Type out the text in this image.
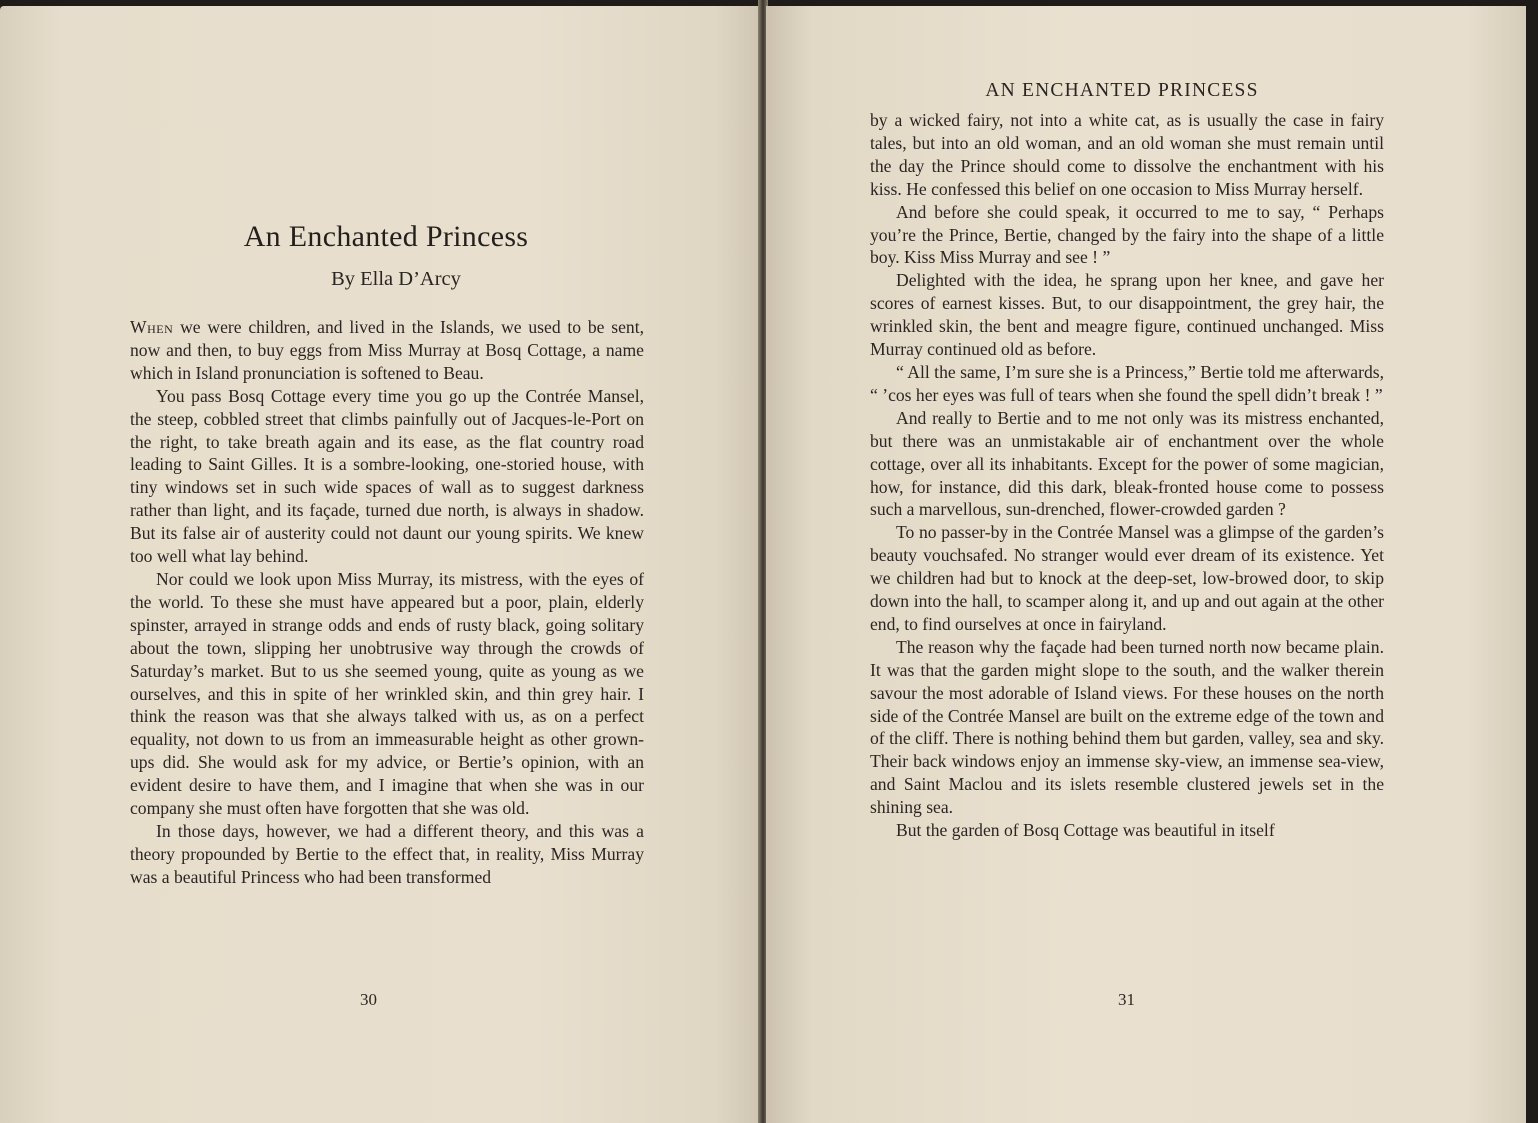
An Enchanted Princess
By Ella D’Arcy

When we were children, and lived in the Islands, we used to be sent, now and then, to buy eggs from Miss Murray at Bosq Cottage, a name which in Island pronunciation is softened to Beau.

You pass Bosq Cottage every time you go up the Contrée Mansel, the steep, cobbled street that climbs painfully out of Jacques-le-Port on the right, to take breath again and its ease, as the flat country road leading to Saint Gilles. It is a sombre-looking, one-storied house, with tiny windows set in such wide spaces of wall as to suggest darkness rather than light, and its façade, turned due north, is always in shadow. But its false air of austerity could not daunt our young spirits. We knew too well what lay behind.

Nor could we look upon Miss Murray, its mistress, with the eyes of the world. To these she must have appeared but a poor, plain, elderly spinster, arrayed in strange odds and ends of rusty black, going solitary about the town, slipping her unobtrusive way through the crowds of Saturday’s market. But to us she seemed young, quite as young as we ourselves, and this in spite of her wrinkled skin, and thin grey hair. I think the reason was that she always talked with us, as on a perfect equality, not down to us from an immeasurable height as other grown-ups did. She would ask for my advice, or Bertie’s opinion, with an evident desire to have them, and I imagine that when she was in our company she must often have forgotten that she was old.

In those days, however, we had a different theory, and this was a theory propounded by Bertie to the effect that, in reality, Miss Murray was a beautiful Princess who had been transformed

30
AN ENCHANTED PRINCESS

by a wicked fairy, not into a white cat, as is usually the case in fairy tales, but into an old woman, and an old woman she must remain until the day the Prince should come to dissolve the enchantment with his kiss. He confessed this belief on one occasion to Miss Murray herself.

And before she could speak, it occurred to me to say, “ Perhaps you’re the Prince, Bertie, changed by the fairy into the shape of a little boy. Kiss Miss Murray and see ! ”

Delighted with the idea, he sprang upon her knee, and gave her scores of earnest kisses. But, to our disappointment, the grey hair, the wrinkled skin, the bent and meagre figure, continued unchanged. Miss Murray continued old as before.

“ All the same, I’m sure she is a Princess,” Bertie told me afterwards, “ ’cos her eyes was full of tears when she found the spell didn’t break ! ”

And really to Bertie and to me not only was its mistress enchanted, but there was an unmistakable air of enchantment over the whole cottage, over all its inhabitants. Except for the power of some magician, how, for instance, did this dark, bleak-fronted house come to possess such a marvellous, sun-drenched, flower-crowded garden ?

To no passer-by in the Contrée Mansel was a glimpse of the garden’s beauty vouchsafed. No stranger would ever dream of its existence. Yet we children had but to knock at the deep-set, low-browed door, to skip down into the hall, to scamper along it, and up and out again at the other end, to find ourselves at once in fairyland.

The reason why the façade had been turned north now became plain. It was that the garden might slope to the south, and the walker therein savour the most adorable of Island views. For these houses on the north side of the Contrée Mansel are built on the extreme edge of the town and of the cliff. There is nothing behind them but garden, valley, sea and sky. Their back windows enjoy an immense sky-view, an immense sea-view, and Saint Maclou and its islets resemble clustered jewels set in the shining sea.

But the garden of Bosq Cottage was beautiful in itself

31
